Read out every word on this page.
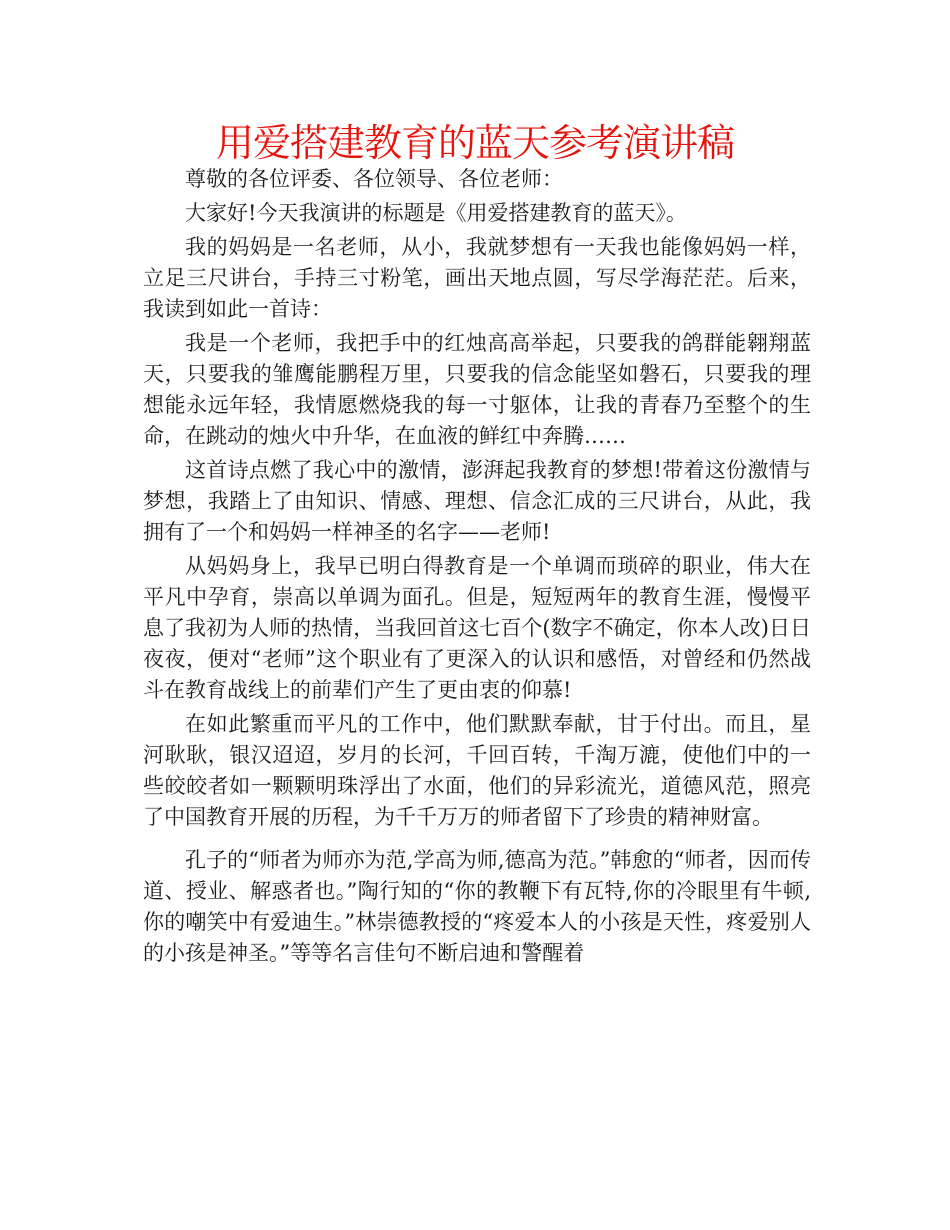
用爱搭建教育的蓝天参考演讲稿

尊敬的各位评委、各位领导、各位老师：

大家好!今天我演讲的标题是《用爱搭建教育的蓝天》。

我的妈妈是一名老师，从小，我就梦想有一天我也能像妈妈一样，立足三尺讲台，手持三寸粉笔，画出天地点圆，写尽学海茫茫。后来，我读到如此一首诗：

我是一个老师，我把手中的红烛高高举起，只要我的鸽群能翱翔蓝天，只要我的雏鹰能鹏程万里，只要我的信念能坚如磐石，只要我的理想能永远年轻，我情愿燃烧我的每一寸躯体，让我的青春乃至整个的生命，在跳动的烛火中升华，在血液的鲜红中奔腾……

这首诗点燃了我心中的激情，澎湃起我教育的梦想!带着这份激情与梦想，我踏上了由知识、情感、理想、信念汇成的三尺讲台，从此，我拥有了一个和妈妈一样神圣的名字——老师!

从妈妈身上，我早已明白得教育是一个单调而琐碎的职业，伟大在平凡中孕育，崇高以单调为面孔。但是，短短两年的教育生涯，慢慢平息了我初为人师的热情，当我回首这七百个(数字不确定，你本人改)日日夜夜，便对“老师”这个职业有了更深入的认识和感悟，对曾经和仍然战斗在教育战线上的前辈们产生了更由衷的仰慕!

在如此繁重而平凡的工作中，他们默默奉献，甘于付出。而且，星河耿耿，银汉迢迢，岁月的长河，千回百转，千淘万漉，使他们中的一些皎皎者如一颗颗明珠浮出了水面，他们的异彩流光，道德风范，照亮了中国教育开展的历程，为千千万万的师者留下了珍贵的精神财富。

孔子的“师者为师亦为范,学高为师,德高为范。”韩愈的“师者，因而传道、授业、解惑者也。”陶行知的“你的教鞭下有瓦特,你的冷眼里有牛顿,你的嘲笑中有爱迪生。”林崇德教授的“疼爱本人的小孩是天性，疼爱别人的小孩是神圣。”等等名言佳句不断启迪和警醒着
